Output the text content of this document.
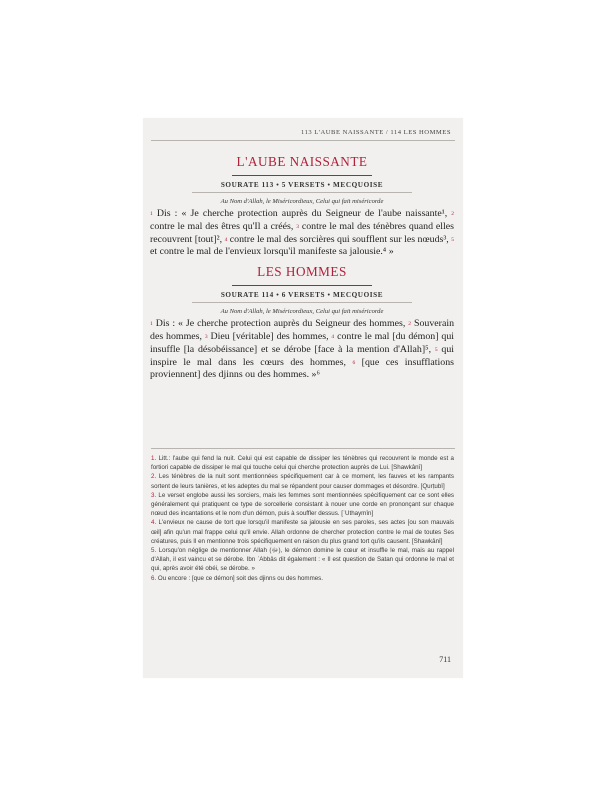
113 L'AUBE NAISSANTE / 114 LES HOMMES
L'AUBE NAISSANTE
SOURATE 113 • 5 VERSETS • MECQUOISE
Au Nom d'Allah, le Miséricordieux, Celui qui fait miséricorde

1 Dis : « Je cherche protection auprès du Seigneur de l'aube naissante¹, 2 contre le mal des êtres qu'Il a créés, 3 contre le mal des ténèbres quand elles recouvrent [tout]², 4 contre le mal des sorcières qui soufflent sur les nœuds³, 5 et contre le mal de l'envieux lorsqu'il manifeste sa jalousie.⁴ »

LES HOMMES
SOURATE 114 • 6 VERSETS • MECQUOISE
Au Nom d'Allah, le Miséricordieux, Celui qui fait miséricorde

1 Dis : « Je cherche protection auprès du Seigneur des hommes, 2 Souverain des hommes, 3 Dieu [véritable] des hommes, 4 contre le mal [du démon] qui insuffle [la désobéissance] et se dérobe [face à la mention d'Allah]⁵, 5 qui inspire le mal dans les cœurs des hommes, 6 [que ces insufflations proviennent] des djinns ou des hommes. »⁶

1. Litt.: l'aube qui fend la nuit. Celui qui est capable de dissiper les ténèbres qui recouvrent le monde est a fortiori capable de dissiper le mal qui touche celui qui cherche protection auprès de Lui. [Shawkânî]

2. Les ténèbres de la nuit sont mentionnées spécifiquement car à ce moment, les fauves et les rampants sortent de leurs tanières, et les adeptes du mal se répandent pour causer dommages et désordre. [Qurṭubî]

3. Le verset englobe aussi les sorciers, mais les femmes sont mentionnées spécifiquement car ce sont elles généralement qui pratiquent ce type de sorcellerie consistant à nouer une corde en prononçant sur chaque nœud des incantations et le nom d'un démon, puis à souffler dessus. [ʿUthaymîn]

4. L'envieux ne cause de tort que lorsqu'il manifeste sa jalousie en ses paroles, ses actes [ou son mauvais œil] afin qu'un mal frappe celui qu'il envie. Allah ordonne de chercher protection contre le mal de toutes Ses créatures, puis Il en mentionne trois spécifiquement en raison du plus grand tort qu'ils causent. [Shawkânî]

5. Lorsqu'on néglige de mentionner Allah (ﷻ), le démon domine le cœur et insuffle le mal, mais au rappel d'Allah, il est vaincu et se dérobe. Ibn ʿAbbâs dit également : « Il est question de Satan qui ordonne le mal et qui, après avoir été obéi, se dérobe. »

6. Ou encore : [que ce démon] soit des djinns ou des hommes.

711
